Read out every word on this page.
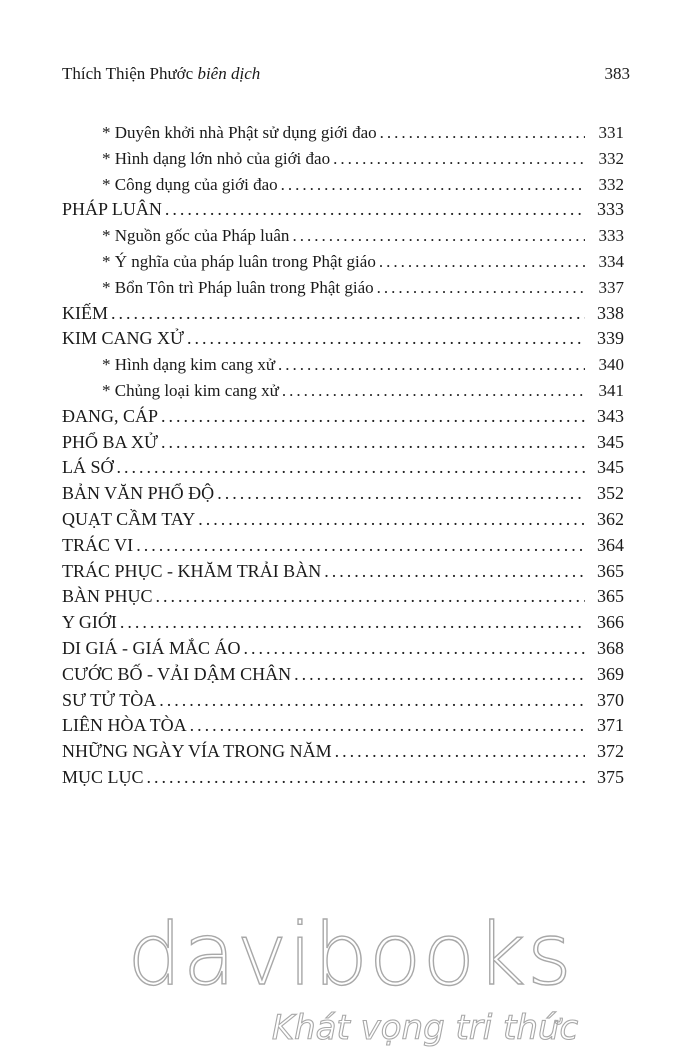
Thích Thiện Phước biên dịch	383
* Duyên khởi nhà Phật sử dụng giới đao .....	331
* Hình dạng lớn nhỏ của giới đao .....	332
* Công dụng của giới đao .....	332
PHÁP LUÂN .....	333
* Nguồn gốc của Pháp luân .....	333
* Ý nghĩa của pháp luân trong Phật giáo .....	334
* Bổn Tôn trì Pháp luân trong Phật giáo .....	337
KIẾM .....	338
KIM CANG XỬ .....	339
* Hình dạng kim cang xử .....	340
* Chủng loại kim cang xử .....	341
ĐANG, CÁP .....	343
PHỔ BA XỬ .....	345
LÁ SỚ .....	345
BẢN VĂN PHỔ ĐỘ .....	352
QUẠT CẦM TAY .....	362
TRÁC VI .....	364
TRÁC PHỤC - KHĂM TRẢI BÀN .....	365
BÀN PHỤC .....	365
Y GIỚI .....	366
DI GIÁ - GIÁ MẮC ÁO .....	368
CƯỚC BỐ - VẢI DẬM CHÂN .....	369
SƯ TỬ TÒA .....	370
LIÊN HÒA TÒA .....	371
NHỮNG NGÀY VÍA TRONG NĂM .....	372
MỤC LỤC .....	375
davibooks
Khát vọng tri thức
